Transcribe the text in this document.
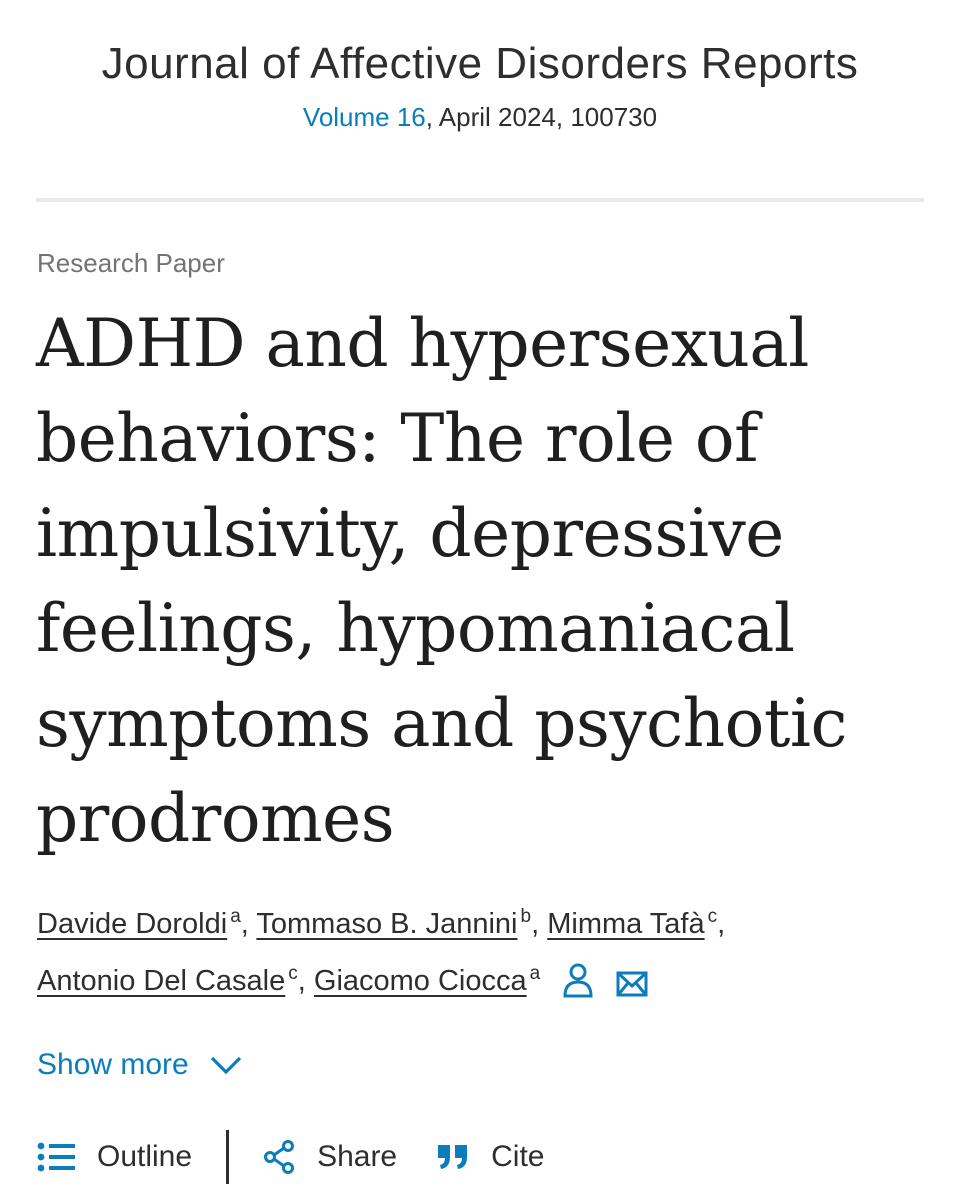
Journal of Affective Disorders Reports
Volume 16, April 2024, 100730
Research Paper
ADHD and hypersexual behaviors: The role of impulsivity, depressive feelings, hypomaniacal symptoms and psychotic prodromes
Davide Doroldi $^a$, Tommaso B. Jannini $^b$, Mimma Tafà $^c$,
Antonio Del Casale $^c$, Giacomo Ciocca $^a$
Show more
Outline	Share	Cite
